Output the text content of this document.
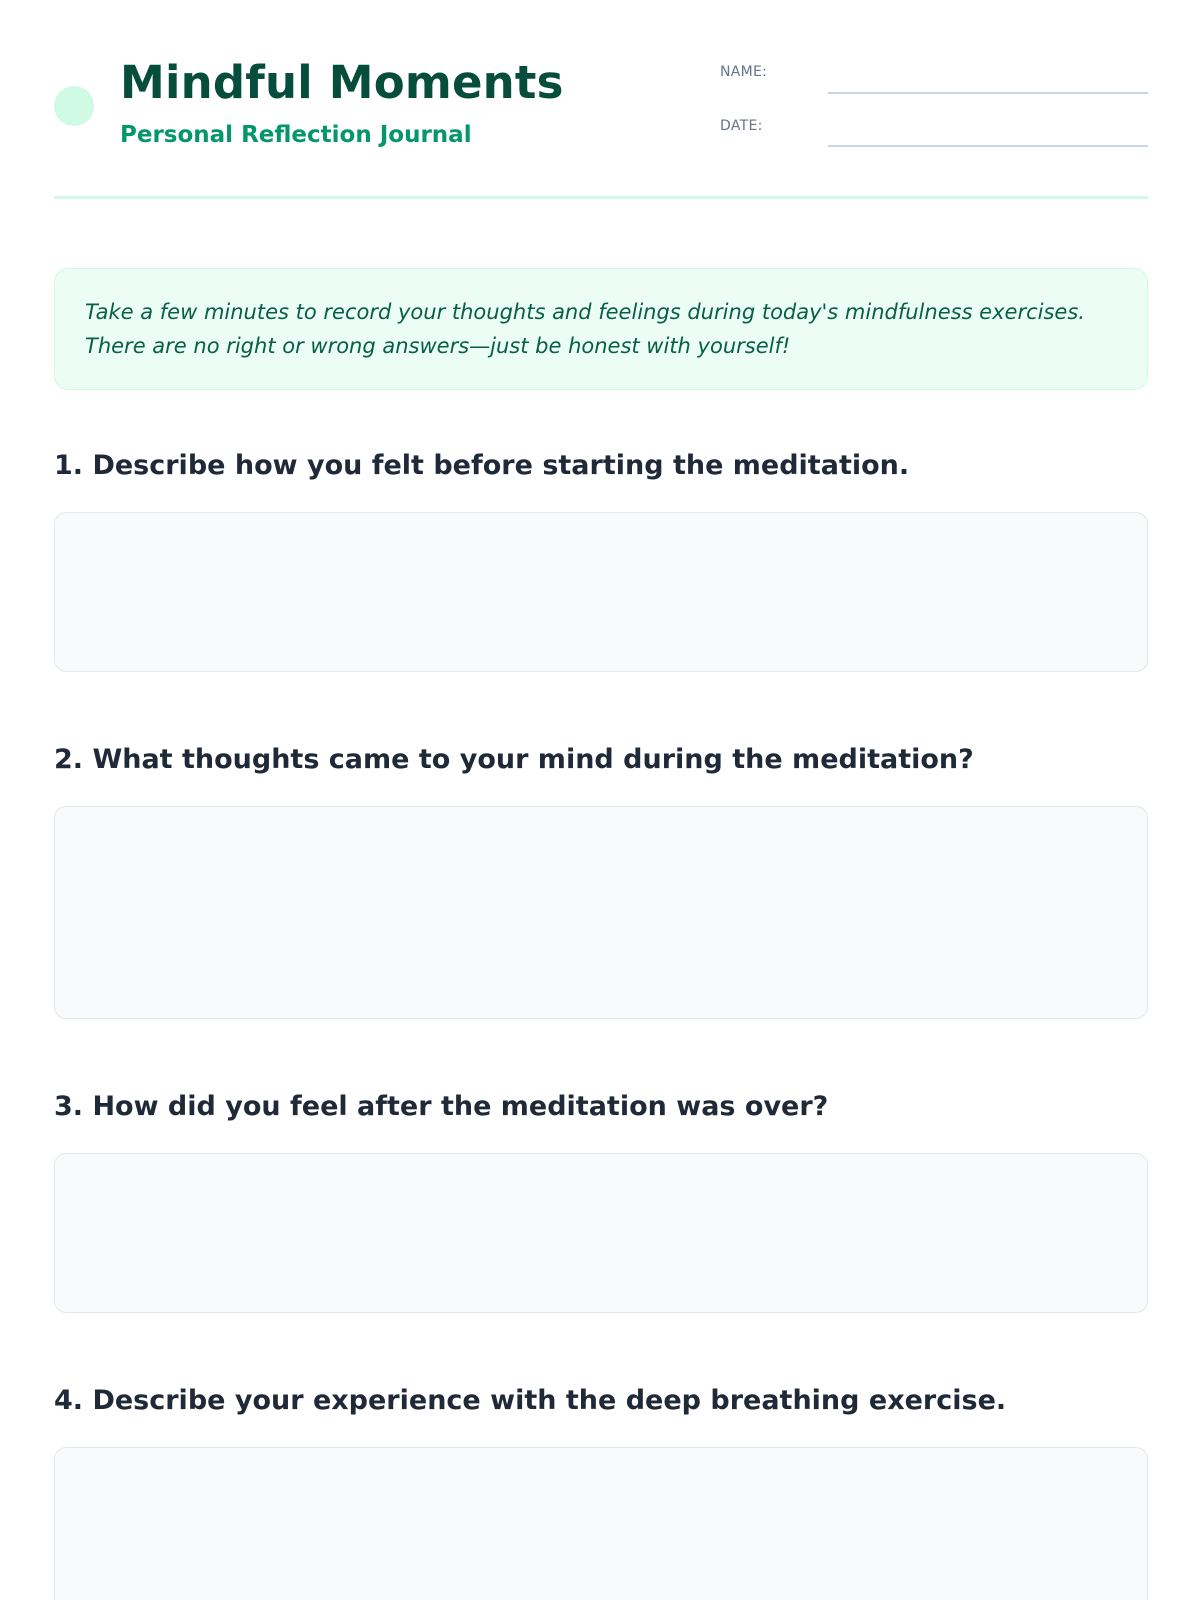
Mindful Moments
Personal Reflection Journal
NAME:
DATE:
Take a few minutes to record your thoughts and feelings during today's mindfulness exercises.
There are no right or wrong answers—just be honest with yourself!
1. Describe how you felt before starting the meditation.
2. What thoughts came to your mind during the meditation?
3. How did you feel after the meditation was over?
4. Describe your experience with the deep breathing exercise.
